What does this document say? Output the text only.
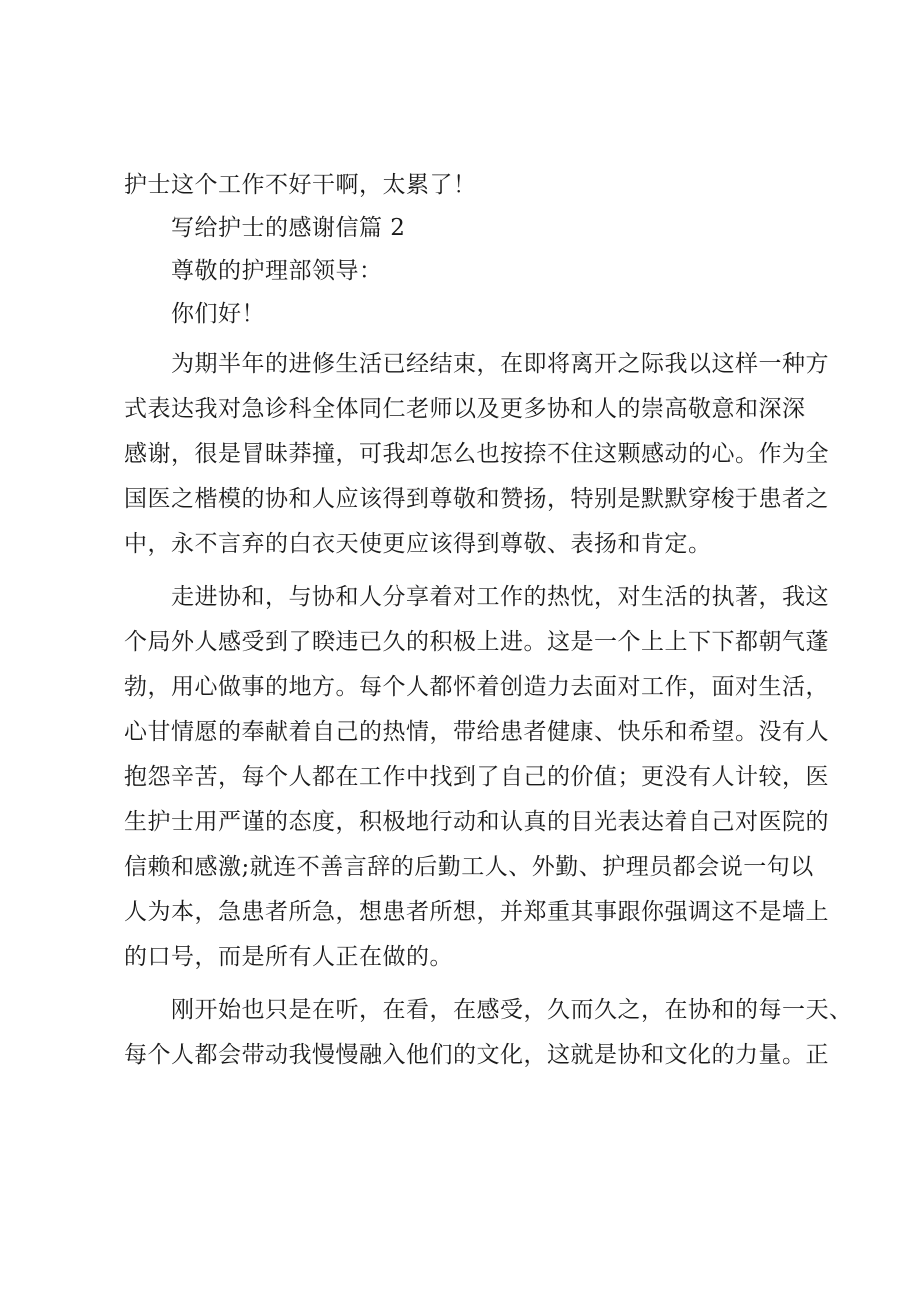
护士这个工作不好干啊，太累了！

写给护士的感谢信篇 2

尊敬的护理部领导：

你们好！

为期半年的进修生活已经结束，在即将离开之际我以这样一种方
式表达我对急诊科全体同仁老师以及更多协和人的崇高敬意和深深
感谢，很是冒昧莽撞，可我却怎么也按捺不住这颗感动的心。作为全
国医之楷模的协和人应该得到尊敬和赞扬，特别是默默穿梭于患者之
中，永不言弃的白衣天使更应该得到尊敬、表扬和肯定。
走进协和，与协和人分享着对工作的热忱，对生活的执著，我这
个局外人感受到了睽违已久的积极上进。这是一个上上下下都朝气蓬
勃，用心做事的地方。每个人都怀着创造力去面对工作，面对生活，
心甘情愿的奉献着自己的热情，带给患者健康、快乐和希望。没有人
抱怨辛苦，每个人都在工作中找到了自己的价值；更没有人计较，医
生护士用严谨的态度，积极地行动和认真的目光表达着自己对医院的
信赖和感激;就连不善言辞的后勤工人、外勤、护理员都会说一句以
人为本，急患者所急，想患者所想，并郑重其事跟你强调这不是墙上
的口号，而是所有人正在做的。
刚开始也只是在听，在看，在感受，久而久之，在协和的每一天、
每个人都会带动我慢慢融入他们的文化，这就是协和文化的力量。正
